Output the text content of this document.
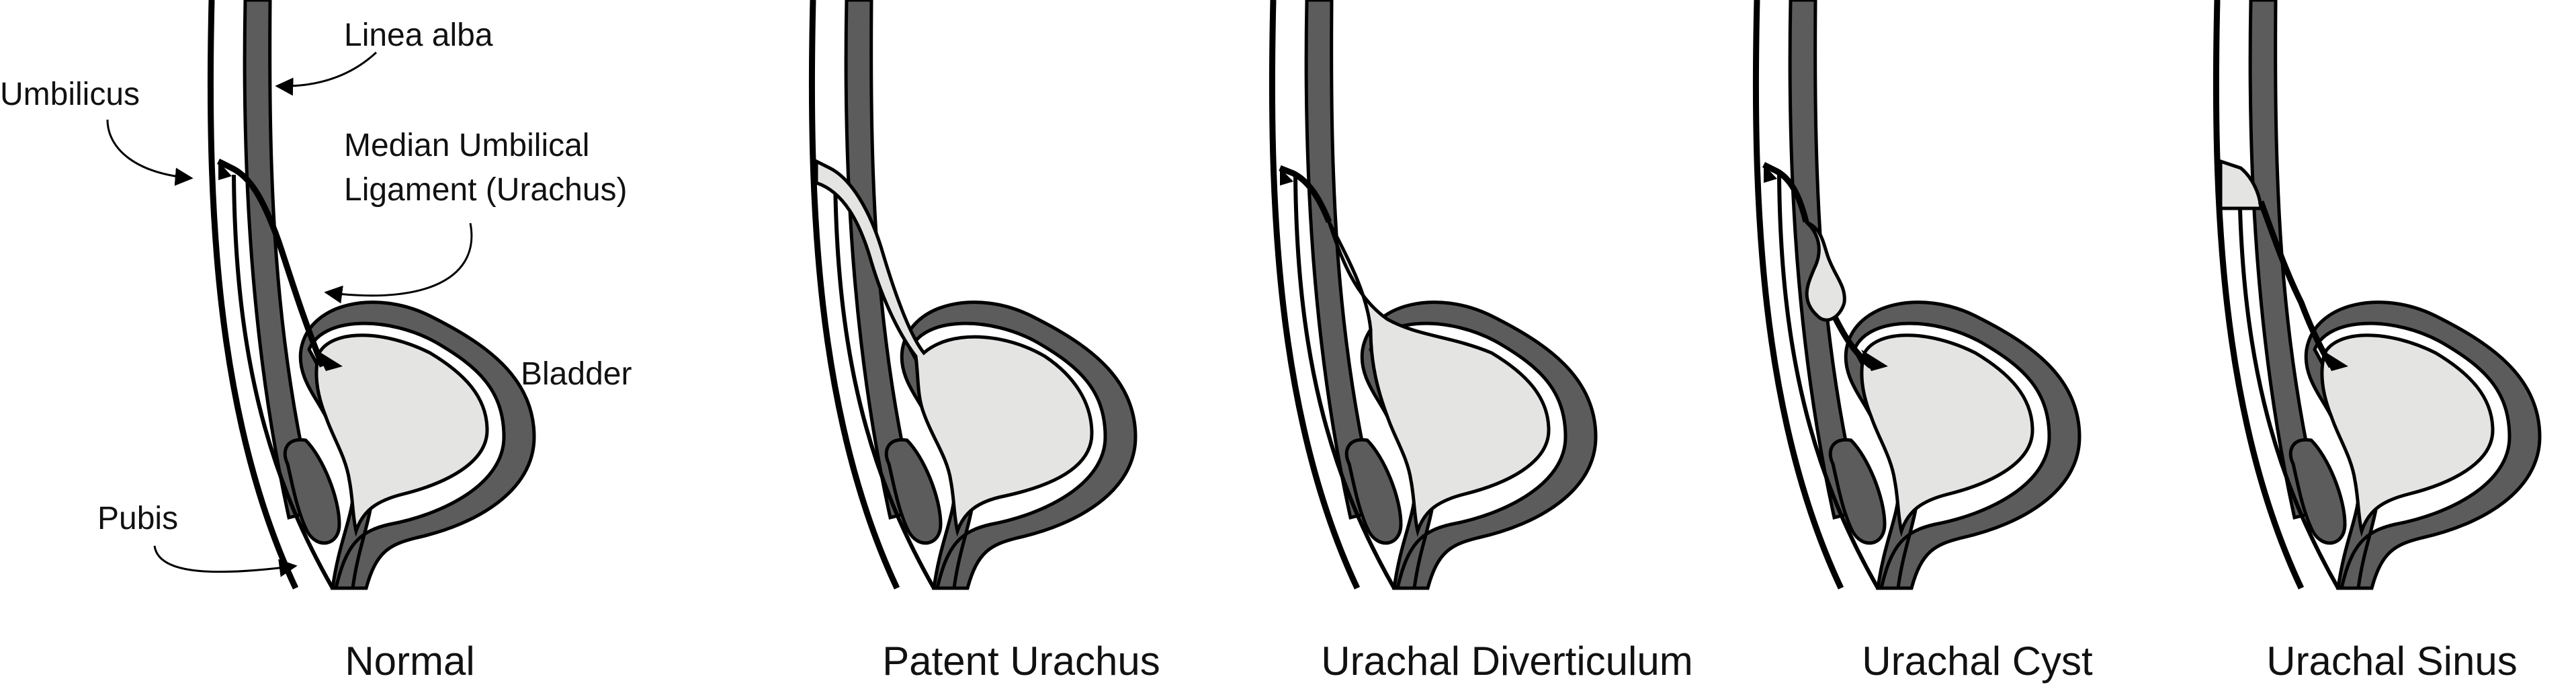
Linea alba
Umbilicus
Median Umbilical
Ligament (Urachus)
Bladder
Pubis
Normal	Patent Urachus	Urachal Diverticulum	Urachal Cyst	Urachal Sinus
